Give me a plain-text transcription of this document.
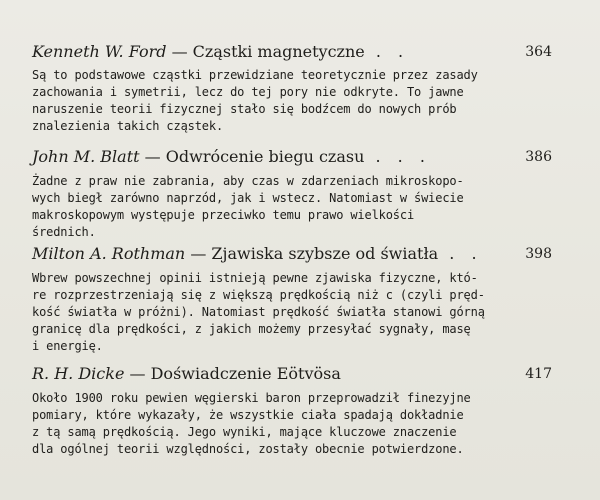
Kenneth W. Ford — Cząstki magnetyczne . .	364
Są to podstawowe cząstki przewidziane teoretycznie przez zasady
zachowania i symetrii, lecz do tej pory nie odkryte. To jawne
naruszenie teorii fizycznej stało się bodźcem do nowych prób
znalezienia takich cząstek.
John M. Blatt — Odwrócenie biegu czasu . . .	386
Żadne z praw nie zabrania, aby czas w zdarzeniach mikroskopo-
wych biegł zarówno naprzód, jak i wstecz. Natomiast w świecie
makroskopowym występuje przeciwko temu prawo wielkości
średnich.
Milton A. Rothman — Zjawiska szybsze od światła . .	398
Wbrew powszechnej opinii istnieją pewne zjawiska fizyczne, któ-
re rozprzestrzeniają się z większą prędkością niż c (czyli pręd-
kość światła w próżni). Natomiast prędkość światła stanowi górną
granicę dla prędkości, z jakich możemy przesyłać sygnały, masę
i energię.
R. H. Dicke — Doświadczenie Eötvösa	417
Około 1900 roku pewien węgierski baron przeprowadził finezyjne
pomiary, które wykazały, że wszystkie ciała spadają dokładnie
z tą samą prędkością. Jego wyniki, mające kluczowe znaczenie
dla ogólnej teorii względności, zostały obecnie potwierdzone.
